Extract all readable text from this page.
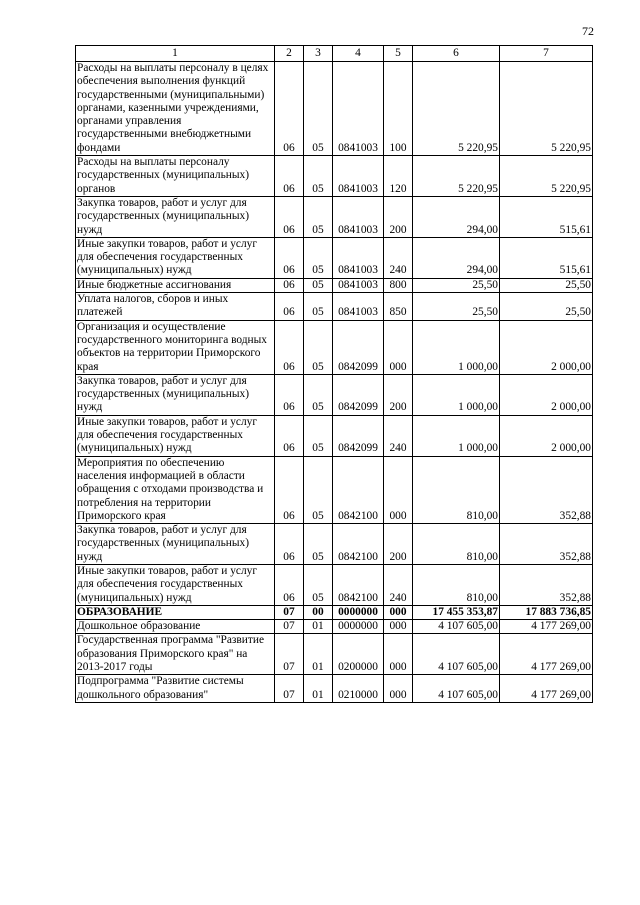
72
1	2	3	4	5	6	7
Расходы на выплаты персоналу в целях обеспечения выполнения функций государственными (муниципальными) органами, казенными учреждениями, органами управления государственными внебюджетными фондами	06	05	0841003	100	5 220,95	5 220,95
Расходы на выплаты персоналу государственных (муниципальных) органов	06	05	0841003	120	5 220,95	5 220,95
Закупка товаров, работ и услуг для государственных (муниципальных) нужд	06	05	0841003	200	294,00	515,61
Иные закупки товаров, работ и услуг для обеспечения государственных (муниципальных) нужд	06	05	0841003	240	294,00	515,61
Иные бюджетные ассигнования	06	05	0841003	800	25,50	25,50
Уплата налогов, сборов и иных платежей	06	05	0841003	850	25,50	25,50
Организация и осуществление государственного мониторинга водных объектов на территории Приморского края	06	05	0842099	000	1 000,00	2 000,00
Закупка товаров, работ и услуг для государственных (муниципальных) нужд	06	05	0842099	200	1 000,00	2 000,00
Иные закупки товаров, работ и услуг для обеспечения государственных (муниципальных) нужд	06	05	0842099	240	1 000,00	2 000,00
Мероприятия по обеспечению населения информацией в области обращения с отходами производства и потребления на территории Приморского края	06	05	0842100	000	810,00	352,88
Закупка товаров, работ и услуг для государственных (муниципальных) нужд	06	05	0842100	200	810,00	352,88
Иные закупки товаров, работ и услуг для обеспечения государственных (муниципальных) нужд	06	05	0842100	240	810,00	352,88
ОБРАЗОВАНИЕ	07	00	0000000	000	17 455 353,87	17 883 736,85
Дошкольное образование	07	01	0000000	000	4 107 605,00	4 177 269,00
Государственная программа "Развитие образования Приморского края" на 2013-2017 годы	07	01	0200000	000	4 107 605,00	4 177 269,00
Подпрограмма "Развитие системы дошкольного образования"	07	01	0210000	000	4 107 605,00	4 177 269,00
